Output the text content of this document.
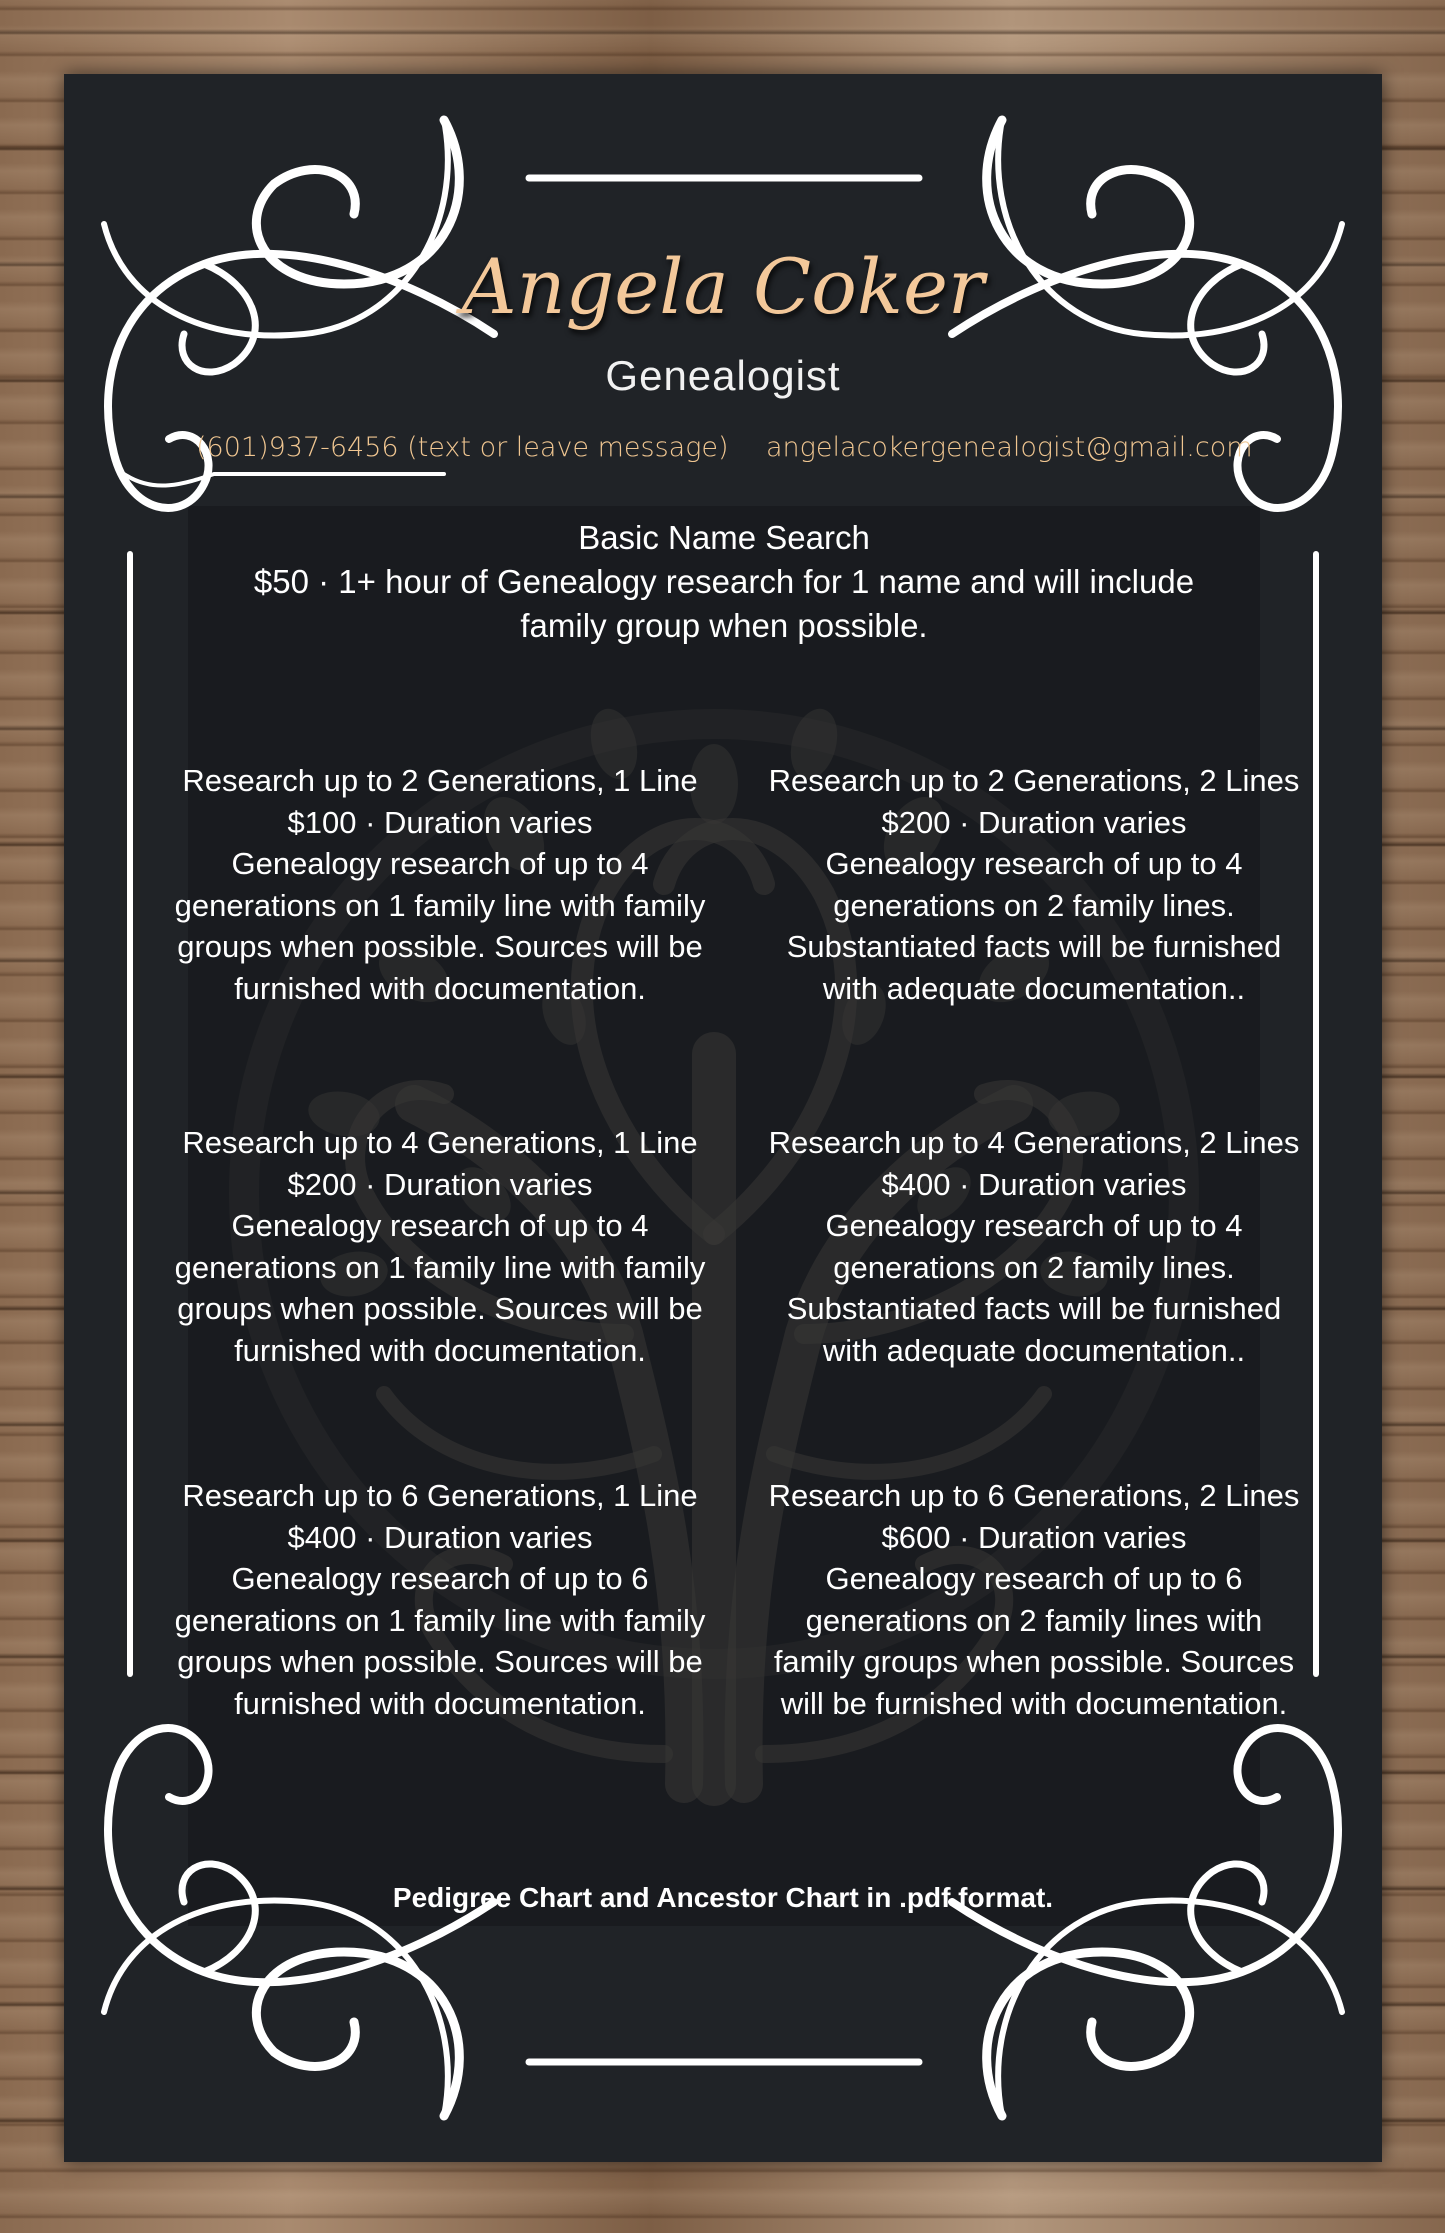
Angela Coker
Genealogist
(601)937-6456 (text or leave message) angelacokergenealogist@gmail.com
Basic Name Search
$50 · 1+ hour of Genealogy research for 1 name and will include
family group when possible.
Research up to 2 Generations, 1 Line
$100 · Duration varies
Genealogy research of up to 4
generations on 1 family line with family
groups when possible. Sources will be
furnished with documentation.
Research up to 2 Generations, 2 Lines
$200 · Duration varies
Genealogy research of up to 4
generations on 2 family lines.
Substantiated facts will be furnished
with adequate documentation..
Research up to 4 Generations, 1 Line
$200 · Duration varies
Genealogy research of up to 4
generations on 1 family line with family
groups when possible. Sources will be
furnished with documentation.
Research up to 4 Generations, 2 Lines
$400 · Duration varies
Genealogy research of up to 4
generations on 2 family lines.
Substantiated facts will be furnished
with adequate documentation..
Research up to 6 Generations, 1 Line
$400 · Duration varies
Genealogy research of up to 6
generations on 1 family line with family
groups when possible. Sources will be
furnished with documentation.
Research up to 6 Generations, 2 Lines
$600 · Duration varies
Genealogy research of up to 6
generations on 2 family lines with
family groups when possible. Sources
will be furnished with documentation.
Pedigree Chart and Ancestor Chart in .pdf format.
